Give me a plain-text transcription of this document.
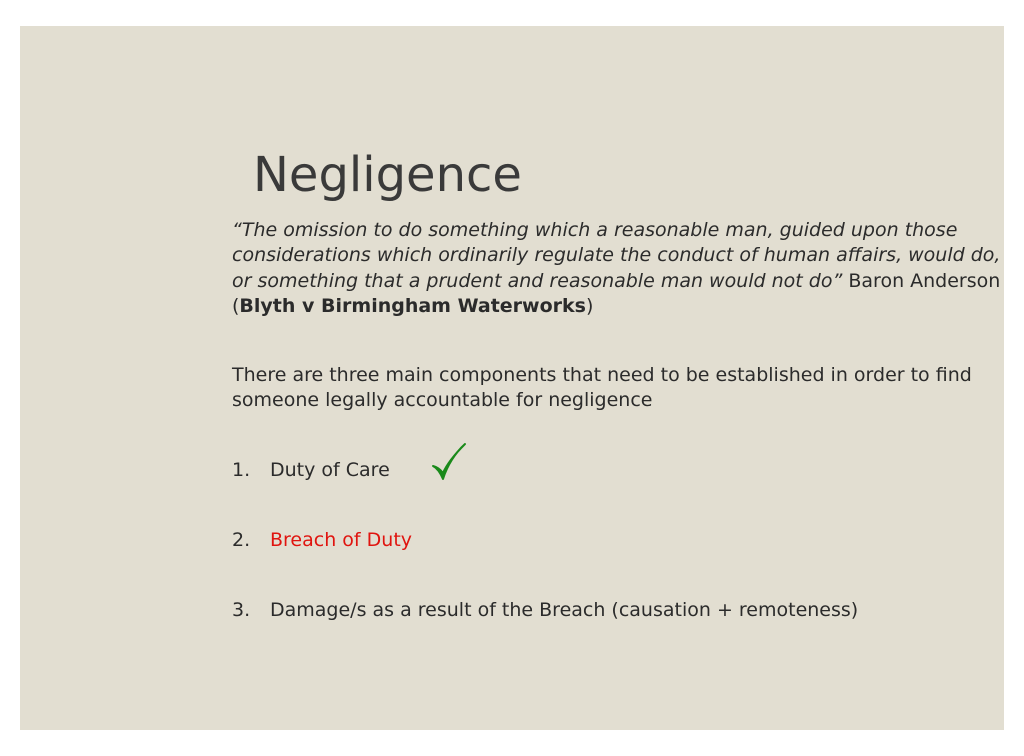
Negligence

“The omission to do something which a reasonable man, guided upon those considerations which ordinarily regulate the conduct of human affairs, would do, or something that a prudent and reasonable man would not do” Baron Anderson (Blyth v Birmingham Waterworks)

There are three main components that need to be established in order to find someone legally accountable for negligence

1. Duty of Care
2. Breach of Duty
3. Damage/s as a result of the Breach (causation + remoteness)
